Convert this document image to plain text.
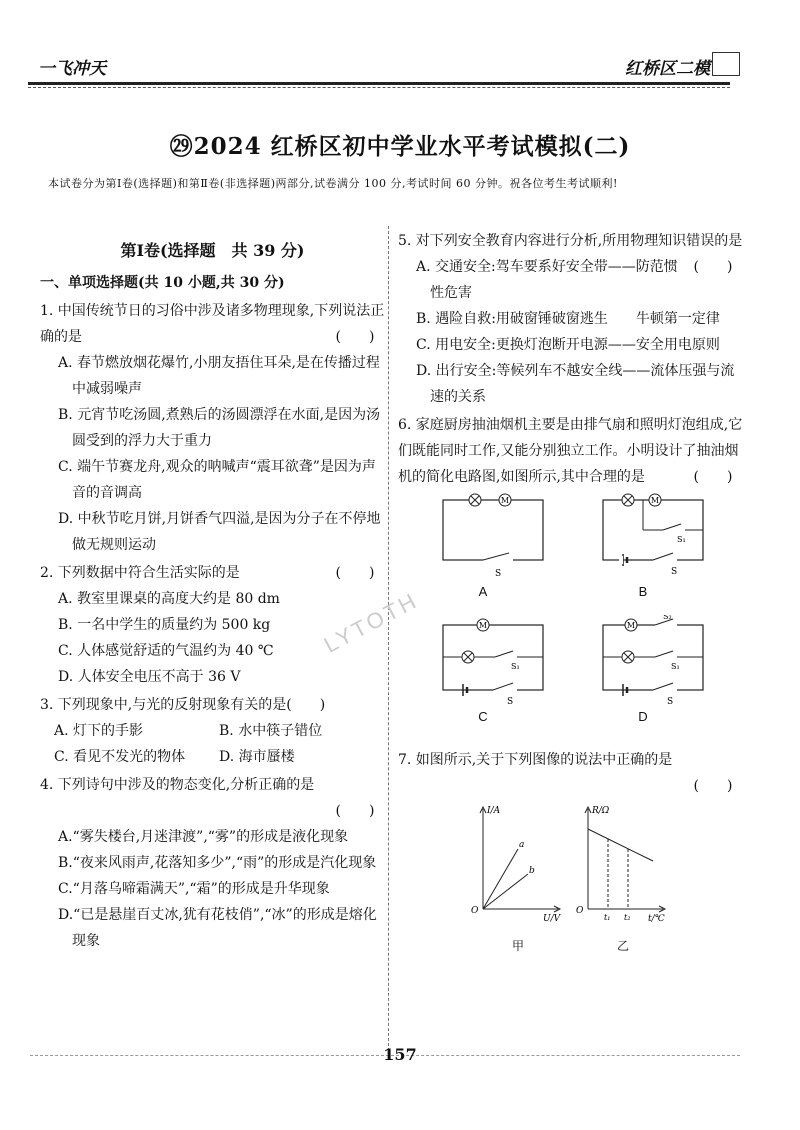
一飞冲天	红桥区二模
㉙2024 红桥区初中学业水平考试模拟(二)
本试卷分为第Ⅰ卷(选择题)和第Ⅱ卷(非选择题)两部分,试卷满分 100 分,考试时间 60 分钟。祝各位考生考试顺利!
第Ⅰ卷(选择题　共 39 分)
一、单项选择题(共 10 小题,共 30 分)
1. 中国传统节日的习俗中涉及诸多物理现象,下列说法正确的是	(　　)
A. 春节燃放烟花爆竹,小朋友捂住耳朵,是在传播过程中减弱噪声
B. 元宵节吃汤圆,煮熟后的汤圆漂浮在水面,是因为汤圆受到的浮力大于重力
C. 端午节赛龙舟,观众的呐喊声“震耳欲聋”是因为声音的音调高
D. 中秋节吃月饼,月饼香气四溢,是因为分子在不停地做无规则运动
2. 下列数据中符合生活实际的是	(　　)
A. 教室里课桌的高度大约是 80 dm
B. 一名中学生的质量约为 500 kg
C. 人体感觉舒适的气温约为 40 ℃
D. 人体安全电压不高于 36 V
3. 下列现象中,与光的反射现象有关的是(　　)
A. 灯下的手影	B. 水中筷子错位
C. 看见不发光的物体	D. 海市蜃楼
4. 下列诗句中涉及的物态变化,分析正确的是
(　　)
A.“雾失楼台,月迷津渡”,“雾”的形成是液化现象
B.“夜来风雨声,花落知多少”,“雨”的形成是汽化现象
C.“月落乌啼霜满天”,“霜”的形成是升华现象
D.“已是悬崖百丈冰,犹有花枝俏”,“冰”的形成是熔化现象
5. 对下列安全教育内容进行分析,所用物理知识错误的是
(　　)
A. 交通安全:驾车要系好安全带——防范惯性危害
B. 遇险自救:用破窗锤破窗逃生　　牛顿第一定律
C. 用电安全:更换灯泡断开电源——安全用电原则
D. 出行安全:等候列车不越安全线——流体压强与流速的关系
6. 家庭厨房抽油烟机主要是由排气扇和照明灯泡组成,它们既能同时工作,又能分别独立工作。小明设计了抽油烟机的简化电路图,如图所示,其中合理的是	(　　)
M
S
A
M
S₁
S
B
M
S₁
S
C
M
S₂
S₁
S
D
7. 如图所示,关于下列图像的说法中正确的是
(　　)
I/A
U/V
O
a
b
甲
R/Ω
t/℃
O
t₁ t₂
乙
LYTOTH
157
